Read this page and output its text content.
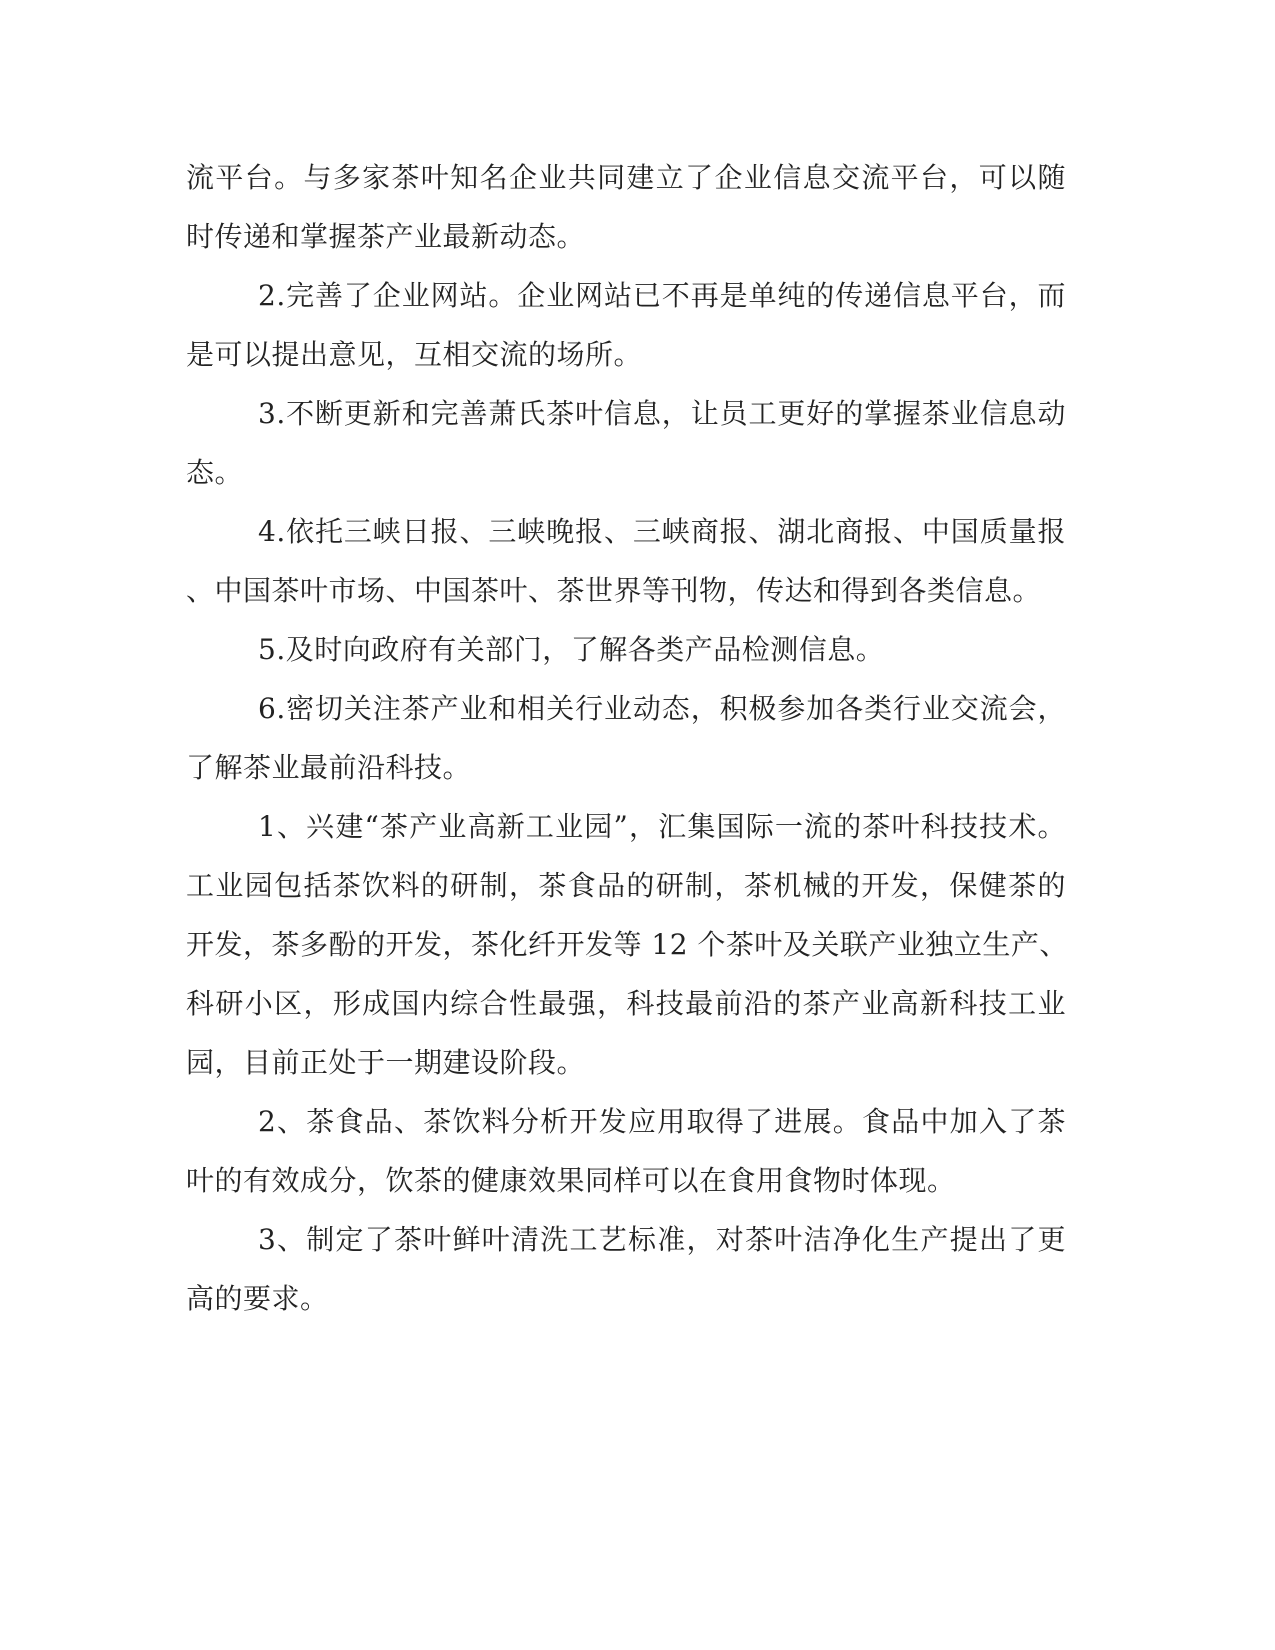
流平台。与多家茶叶知名企业共同建立了企业信息交流平台，可以随
时传递和掌握茶产业最新动态。
2.完善了企业网站。企业网站已不再是单纯的传递信息平台，而
是可以提出意见，互相交流的场所。
3.不断更新和完善萧氏茶叶信息，让员工更好的掌握茶业信息动
态。
4.依托三峡日报、三峡晚报、三峡商报、湖北商报、中国质量报
、中国茶叶市场、中国茶叶、茶世界等刊物，传达和得到各类信息。
5.及时向政府有关部门，了解各类产品检测信息。
6.密切关注茶产业和相关行业动态，积极参加各类行业交流会，
了解茶业最前沿科技。
1、兴建“茶产业高新工业园”，汇集国际一流的茶叶科技技术。
工业园包括茶饮料的研制，茶食品的研制，茶机械的开发，保健茶的
开发，茶多酚的开发，茶化纤开发等 12 个茶叶及关联产业独立生产、
科研小区，形成国内综合性最强，科技最前沿的茶产业高新科技工业
园，目前正处于一期建设阶段。
2、茶食品、茶饮料分析开发应用取得了进展。食品中加入了茶
叶的有效成分，饮茶的健康效果同样可以在食用食物时体现。
3、制定了茶叶鲜叶清洗工艺标准，对茶叶洁净化生产提出了更
高的要求。
